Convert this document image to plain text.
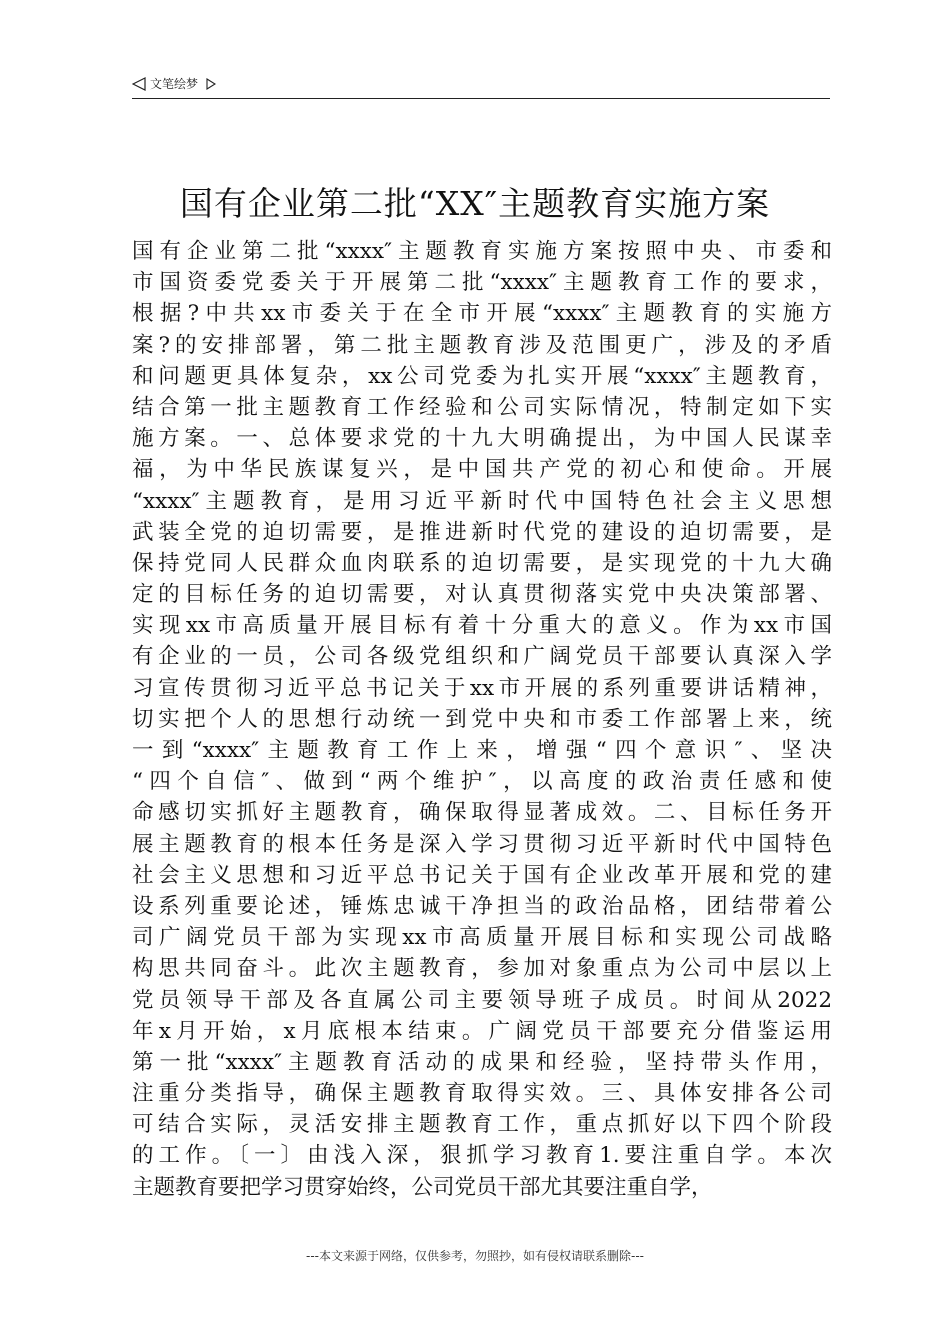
文笔绘梦
国有企业第二批“XX″主题教育实施方案
国有企业第二批“xxxx″主题教育实施方案按照中央、市委和
市国资委党委关于开展第二批“xxxx″主题教育工作的要求，
根据?中共xx市委关于在全市开展“xxxx″主题教育的实施方
案?的安排部署，第二批主题教育涉及范围更广，涉及的矛盾
和问题更具体复杂，xx公司党委为扎实开展“xxxx″主题教育，
结合第一批主题教育工作经验和公司实际情况，特制定如下实
施方案。一、总体要求党的十九大明确提出，为中国人民谋幸
福，为中华民族谋复兴，是中国共产党的初心和使命。开展
“xxxx″主题教育，是用习近平新时代中国特色社会主义思想
武装全党的迫切需要，是推进新时代党的建设的迫切需要，是
保持党同人民群众血肉联系的迫切需要，是实现党的十九大确
定的目标任务的迫切需要，对认真贯彻落实党中央决策部署、
实现xx市高质量开展目标有着十分重大的意义。作为xx市国
有企业的一员，公司各级党组织和广阔党员干部要认真深入学
习宣传贯彻习近平总书记关于xx市开展的系列重要讲话精神，
切实把个人的思想行动统一到党中央和市委工作部署上来，统
一到“xxxx″主题教育工作上来，增强“四个意识″、坚决
“四个自信″、做到“两个维护″，以高度的政治责任感和使
命感切实抓好主题教育，确保取得显著成效。二、目标任务开
展主题教育的根本任务是深入学习贯彻习近平新时代中国特色
社会主义思想和习近平总书记关于国有企业改革开展和党的建
设系列重要论述，锤炼忠诚干净担当的政治品格，团结带着公
司广阔党员干部为实现xx市高质量开展目标和实现公司战略
构思共同奋斗。此次主题教育，参加对象重点为公司中层以上
党员领导干部及各直属公司主要领导班子成员。时间从2022
年x月开始，x月底根本结束。广阔党员干部要充分借鉴运用
第一批“xxxx″主题教育活动的成果和经验，坚持带头作用，
注重分类指导，确保主题教育取得实效。三、具体安排各公司
可结合实际，灵活安排主题教育工作，重点抓好以下四个阶段
的工作。〔一〕由浅入深，狠抓学习教育1.要注重自学。本次
主题教育要把学习贯穿始终，公司党员干部尤其要注重自学，
---本文来源于网络，仅供参考，勿照抄，如有侵权请联系删除---
